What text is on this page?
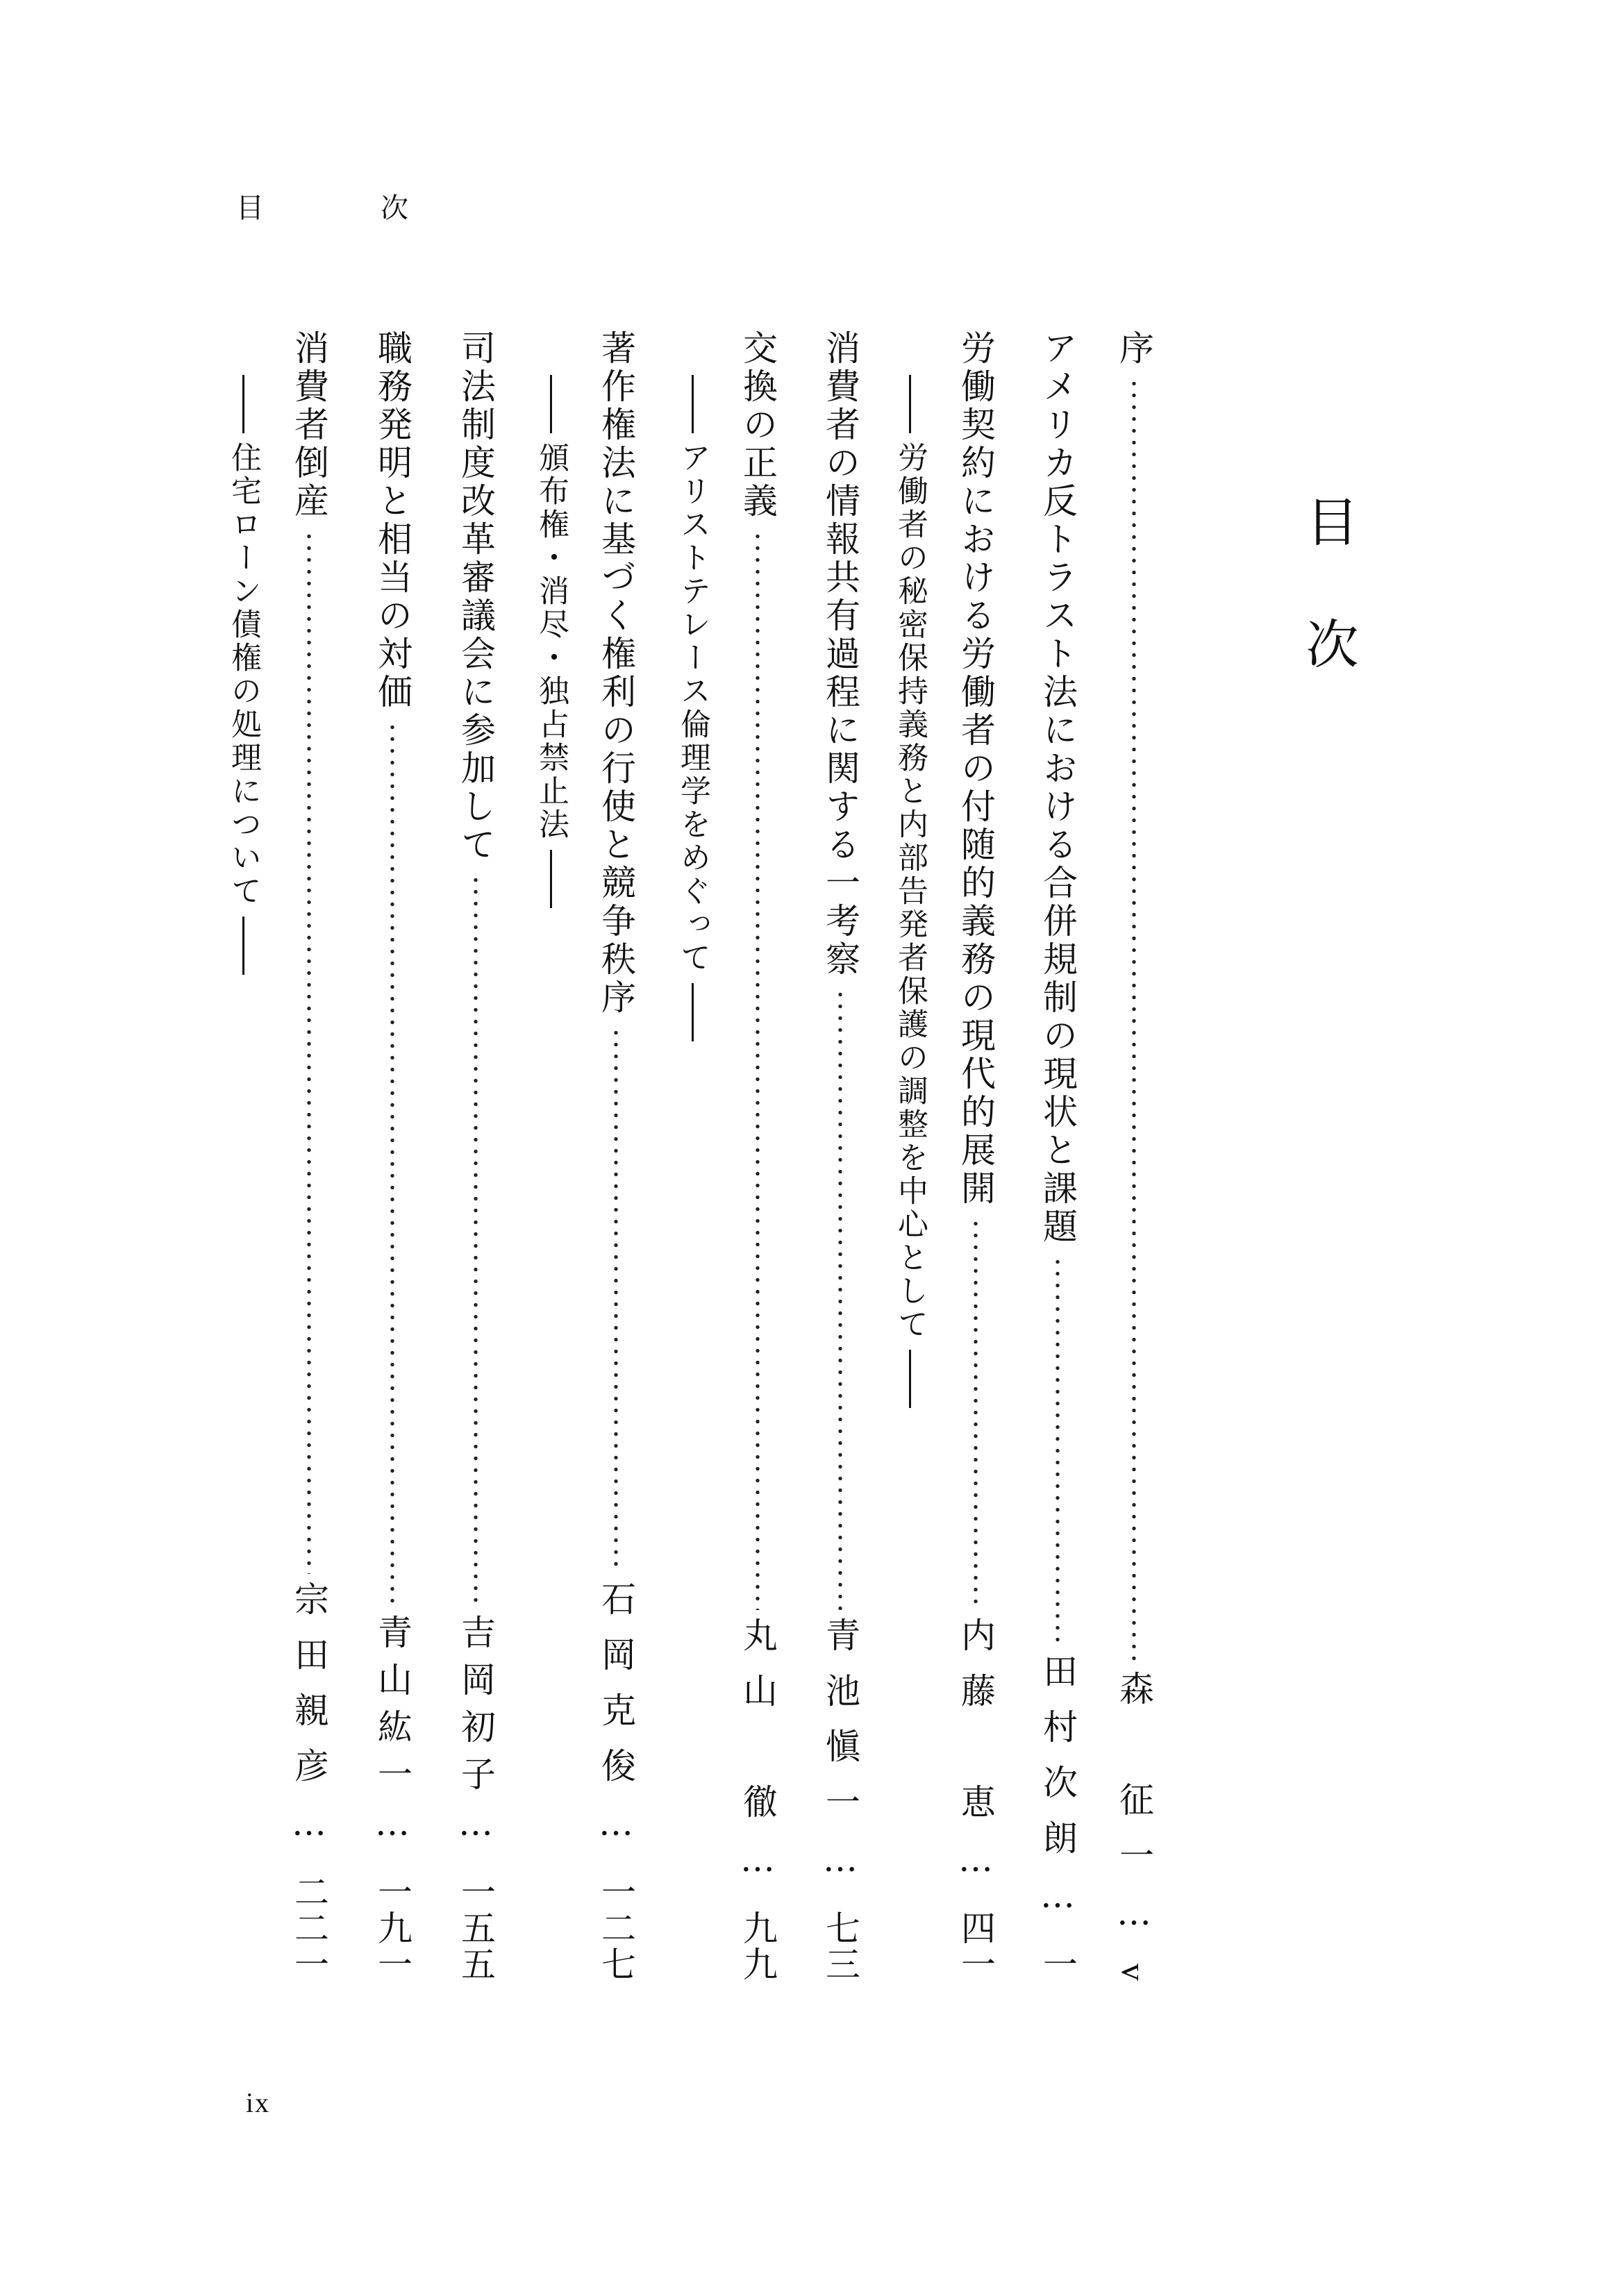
目　次
ix
目次
序
森　征一
…
v
アメリカ反トラスト法における合併規制の現状と課題
田村次朗
…
一
労働契約における労働者の付随的義務の現代的展開
内藤　恵
…
四一
労働者の秘密保持義務と内部告発者保護の調整を中心として
消費者の情報共有過程に関する一考察
青池愼一
…
七三
交換の正義
丸山　徹
…
九九
アリストテレース倫理学をめぐって
著作権法に基づく権利の行使と競争秩序
石岡克俊
…
一二七
頒布権・消尽・独占禁止法
司法制度改革審議会に参加して
吉岡初子
…
一五五
職務発明と相当の対価
青山紘一
…
一九一
消費者倒産
宗田親彦
…
二二一
住宅ローン債権の処理について
